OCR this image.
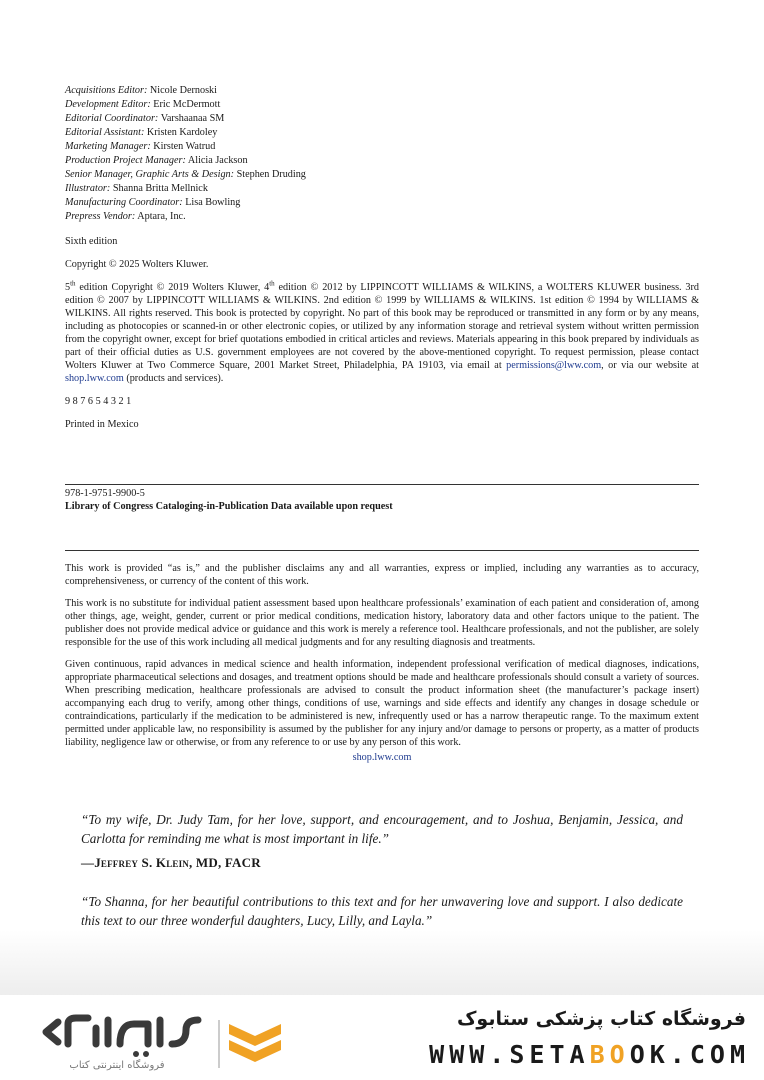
Acquisitions Editor: Nicole Dernoski
Development Editor: Eric McDermott
Editorial Coordinator: Varshaanaa SM
Editorial Assistant: Kristen Kardoley
Marketing Manager: Kirsten Watrud
Production Project Manager: Alicia Jackson
Senior Manager, Graphic Arts & Design: Stephen Druding
Illustrator: Shanna Britta Mellnick
Manufacturing Coordinator: Lisa Bowling
Prepress Vendor: Aptara, Inc.

Sixth edition

Copyright © 2025 Wolters Kluwer.

5th edition Copyright © 2019 Wolters Kluwer, 4th edition © 2012 by LIPPINCOTT WILLIAMS & WILKINS, a WOLTERS KLUWER business. 3rd edition © 2007 by LIPPINCOTT WILLIAMS & WILKINS. 2nd edition © 1999 by WILLIAMS & WILKINS. 1st edition © 1994 by WILLIAMS & WILKINS. All rights reserved. This book is protected by copyright. No part of this book may be reproduced or transmitted in any form or by any means, including as photocopies or scanned-in or other electronic copies, or utilized by any information storage and retrieval system without written permission from the copyright owner, except for brief quotations embodied in critical articles and reviews. Materials appearing in this book prepared by individuals as part of their official duties as U.S. government employees are not covered by the above-mentioned copyright. To request permission, please contact Wolters Kluwer at Two Commerce Square, 2001 Market Street, Philadelphia, PA 19103, via email at permissions@lww.com, or via our website at shop.lww.com (products and services).

9 8 7 6 5 4 3 2 1

Printed in Mexico

978-1-9751-9900-5
Library of Congress Cataloging-in-Publication Data available upon request

This work is provided “as is,” and the publisher disclaims any and all warranties, express or implied, including any warranties as to accuracy, comprehensiveness, or currency of the content of this work.

This work is no substitute for individual patient assessment based upon healthcare professionals’ examination of each patient and consideration of, among other things, age, weight, gender, current or prior medical conditions, medication history, laboratory data and other factors unique to the patient. The publisher does not provide medical advice or guidance and this work is merely a reference tool. Healthcare professionals, and not the publisher, are solely responsible for the use of this work including all medical judgments and for any resulting diagnosis and treatments.

Given continuous, rapid advances in medical science and health information, independent professional verification of medical diagnoses, indications, appropriate pharmaceutical selections and dosages, and treatment options should be made and healthcare professionals should consult a variety of sources. When prescribing medication, healthcare professionals are advised to consult the product information sheet (the manufacturer’s package insert) accompanying each drug to verify, among other things, conditions of use, warnings and side effects and identify any changes in dosage schedule or contraindications, particularly if the medication to be administered is new, infrequently used or has a narrow therapeutic range. To the maximum extent permitted under applicable law, no responsibility is assumed by the publisher for any injury and/or damage to persons or property, as a matter of products liability, negligence law or otherwise, or from any reference to or use by any person of this work.

shop.lww.com

“To my wife, Dr. Judy Tam, for her love, support, and encouragement, and to Joshua, Benjamin, Jessica, and Carlotta for reminding me what is most important in life.”

—Jeffrey S. Klein, MD, FACR

“To Shanna, for her beautiful contributions to this text and for her unwavering love and support. I also dedicate this text to our three wonderful daughters, Lucy, Lilly, and Layla.”

فروشگاه اینترنتی کتاب
فروشگاه کتاب پزشکی ستابوک
WWW.SETABOOK.COM
